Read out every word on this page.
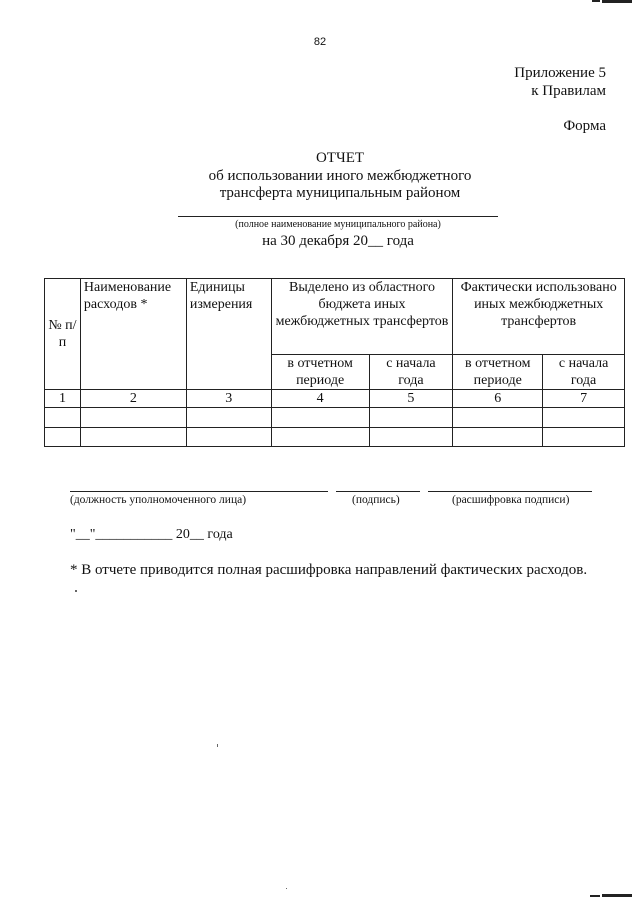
82
Приложение 5
к Правилам
Форма
ОТЧЕТ
об использовании иного межбюджетного
трансферта муниципальным районом
(полное наименование муниципального района)
на 30 декабря 20__ года
№ п/п	Наименование расходов *	Единицы измерения	Выделено из областного бюджета иных межбюджетных трансфертов		Фактически использовано иных межбюджетных трансфертов	
			в отчетном периоде	с начала года	в отчетном периоде	с начала года
1	2	3	4	5	6	7

(должность уполномоченного лица)	(подпись)	(расшифровка подписи)
"__"___________ 20__ года
* В отчете приводится полная расшифровка направлений фактических расходов.
